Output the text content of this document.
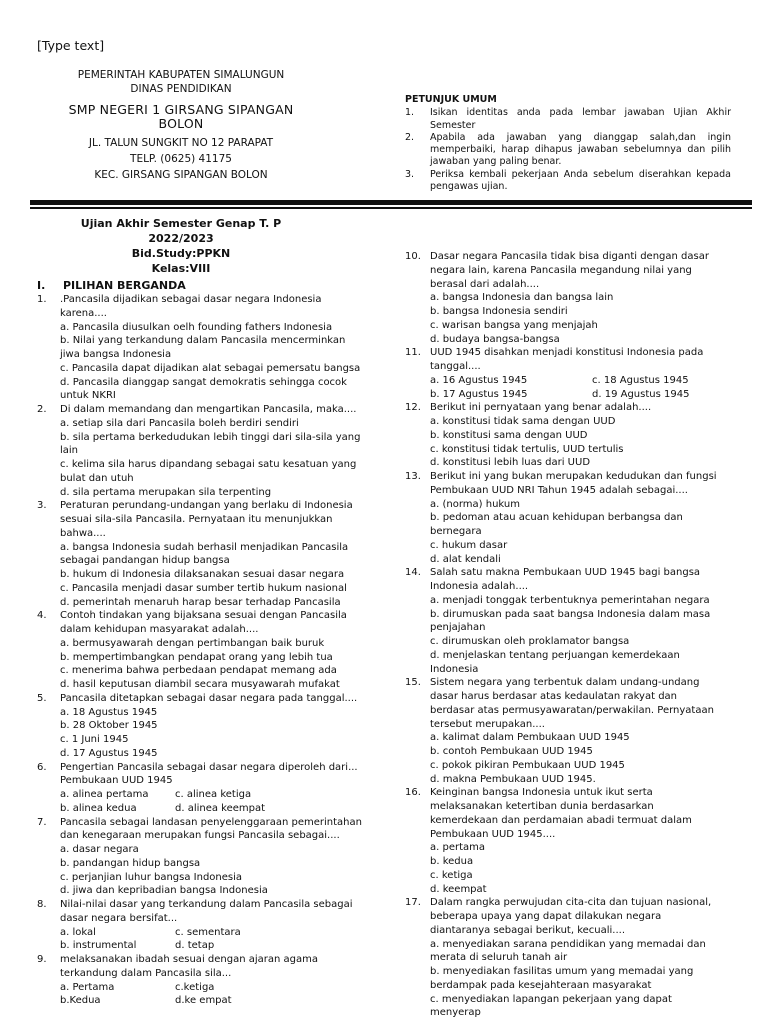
[Type text]
PEMERINTAH KABUPATEN SIMALUNGUN
DINAS PENDIDIKAN
SMP NEGERI 1 GIRSANG SIPANGAN BOLON
JL. TALUN SUNGKIT NO 12 PARAPAT
TELP. (0625) 41175
KEC. GIRSANG SIPANGAN BOLON
PETUNJUK UMUM
1.	Isikan identitas anda pada lembar jawaban Ujian Akhir Semester
2.	Apabila ada jawaban yang dianggap salah,dan ingin memperbaiki, harap dihapus jawaban sebelumnya dan pilih jawaban yang paling benar.
3.	Periksa kembali pekerjaan Anda sebelum diserahkan kepada pengawas ujian.
Ujian Akhir Semester Genap T. P 2022/2023
Bid.Study:PPKN
Kelas:VIII
I. PILIHAN BERGANDA
1.	.Pancasila dijadikan sebagai dasar negara Indonesia karena....
a. Pancasila diusulkan oelh founding fathers Indonesia
b. Nilai yang terkandung dalam Pancasila mencerminkan jiwa bangsa Indonesia
c. Pancasila dapat dijadikan alat sebagai pemersatu bangsa
d. Pancasila dianggap sangat demokratis sehingga cocok untuk NKRI
2.	Di dalam memandang dan mengartikan Pancasila, maka....
a. setiap sila dari Pancasila boleh berdiri sendiri
b. sila pertama berkedudukan lebih tinggi dari sila-sila yang lain
c. kelima sila harus dipandang sebagai satu kesatuan yang bulat dan utuh
d. sila pertama merupakan sila terpenting
3.	Peraturan perundang-undangan yang berlaku di Indonesia sesuai sila-sila Pancasila. Pernyataan itu menunjukkan bahwa....
a. bangsa Indonesia sudah berhasil menjadikan Pancasila sebagai pandangan hidup bangsa
b. hukum di Indonesia dilaksanakan sesuai dasar negara
c. Pancasila menjadi dasar sumber tertib hukum nasional
d. pemerintah menaruh harap besar terhadap Pancasila
4.	Contoh tindakan yang bijaksana sesuai dengan Pancasila dalam kehidupan masyarakat adalah....
a. bermusyawarah dengan pertimbangan baik buruk
b. mempertimbangkan pendapat orang yang lebih tua
c. menerima bahwa perbedaan pendapat memang ada
d. hasil keputusan diambil secara musyawarah mufakat
5.	Pancasila ditetapkan sebagai dasar negara pada tanggal....
a. 18 Agustus 1945
b. 28 Oktober 1945
c. 1 Juni 1945
d. 17 Agustus 1945
6.	Pengertian Pancasila sebagai dasar negara diperoleh dari... Pembukaan UUD 1945
a. alinea pertama	c. alinea ketiga
b. alinea kedua	d. alinea keempat
7.	Pancasila sebagai landasan penyelenggaraan pemerintahan dan kenegaraan merupakan fungsi Pancasila sebagai....
a. dasar negara
b. pandangan hidup bangsa
c. perjanjian luhur bangsa Indonesia
d. jiwa dan kepribadian bangsa Indonesia
8.	Nilai-nilai dasar yang terkandung dalam Pancasila sebagai dasar negara bersifat...
a. lokal	c. sementara
b. instrumental	d. tetap
9.	melaksanakan ibadah sesuai dengan ajaran agama terkandung dalam Pancasila sila...
a. Pertama	c.ketiga
b.Kedua	d.ke empat
10. Dasar negara Pancasila tidak bisa diganti dengan dasar negara lain, karena Pancasila megandung nilai yang berasal dari adalah....
a. bangsa Indonesia dan bangsa lain
b. bangsa Indonesia sendiri
c. warisan bangsa yang menjajah
d. budaya bangsa-bangsa
11. UUD 1945 disahkan menjadi konstitusi Indonesia pada tanggal....
a. 16 Agustus 1945	c. 18 Agustus 1945
b. 17 Agustus 1945	d. 19 Agustus 1945
12. Berikut ini pernyataan yang benar adalah....
a. konstitusi tidak sama dengan UUD
b. konstitusi sama dengan UUD
c. konstitusi tidak tertulis, UUD tertulis
d. konstitusi lebih luas dari UUD
13. Berikut ini yang bukan merupakan kedudukan dan fungsi Pembukaan UUD NRI Tahun 1945 adalah sebagai....
a. (norma) hukum
b. pedoman atau acuan kehidupan berbangsa dan bernegara
c. hukum dasar
d. alat kendali
14. Salah satu makna Pembukaan UUD 1945 bagi bangsa Indonesia adalah....
a. menjadi tonggak terbentuknya pemerintahan negara
b. dirumuskan pada saat bangsa Indonesia dalam masa penjajahan
c. dirumuskan oleh proklamator bangsa
d. menjelaskan tentang perjuangan kemerdekaan Indonesia
15. Sistem negara yang terbentuk dalam undang-undang dasar harus berdasar atas kedaulatan rakyat dan berdasar atas permusyawaratan/perwakilan. Pernyataan tersebut merupakan....
a. kalimat dalam Pembukaan UUD 1945
b. contoh Pembukaan UUD 1945
c. pokok pikiran Pembukaan UUD 1945
d. makna Pembukaan UUD 1945.
16. Keinginan bangsa Indonesia untuk ikut serta melaksanakan ketertiban dunia berdasarkan kemerdekaan dan perdamaian abadi termuat dalam Pembukaan UUD 1945....
a. pertama
b. kedua
c. ketiga
d. keempat
17. Dalam rangka perwujudan cita-cita dan tujuan nasional, beberapa upaya yang dapat dilakukan negara diantaranya sebagai berikut, kecuali....
a. menyediakan sarana pendidikan yang memadai dan merata di seluruh tanah air
b. menyediakan fasilitas umum yang memadai yang berdampak pada kesejahteraan masyarakat
c. menyediakan lapangan pekerjaan yang dapat menyerap
